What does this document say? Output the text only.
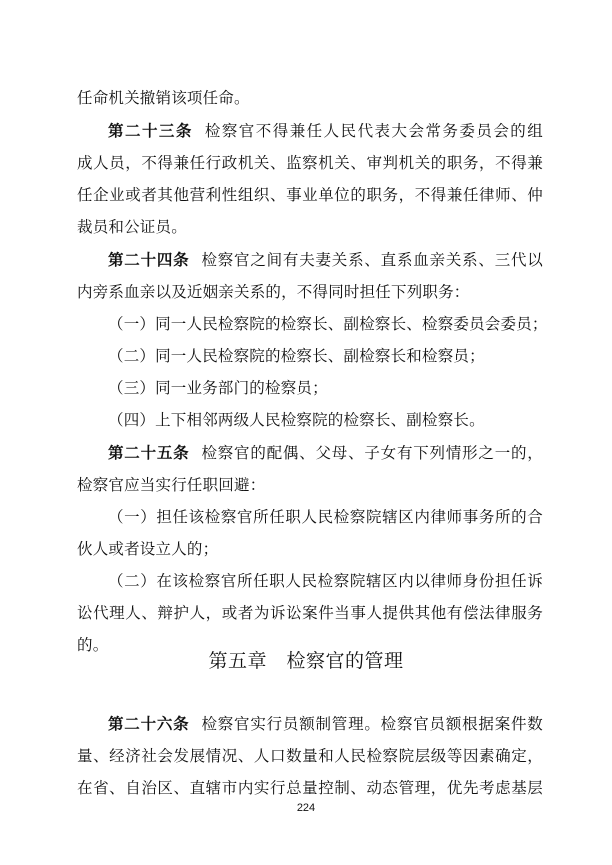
任命机关撤销该项任命。
第二十三条 检察官不得兼任人民代表大会常务委员会的组
成人员，不得兼任行政机关、监察机关、审判机关的职务，不得兼
任企业或者其他营利性组织、事业单位的职务，不得兼任律师、仲
裁员和公证员。
第二十四条 检察官之间有夫妻关系、直系血亲关系、三代以
内旁系血亲以及近姻亲关系的，不得同时担任下列职务：
（一）同一人民检察院的检察长、副检察长、检察委员会委员；
（二）同一人民检察院的检察长、副检察长和检察员；
（三）同一业务部门的检察员；
（四）上下相邻两级人民检察院的检察长、副检察长。
第二十五条 检察官的配偶、父母、子女有下列情形之一的，
检察官应当实行任职回避：
（一）担任该检察官所任职人民检察院辖区内律师事务所的合
伙人或者设立人的；
（二）在该检察官所任职人民检察院辖区内以律师身份担任诉
讼代理人、辩护人，或者为诉讼案件当事人提供其他有偿法律服务
的。
第五章　检察官的管理
第二十六条 检察官实行员额制管理。检察官员额根据案件数
量、经济社会发展情况、人口数量和人民检察院层级等因素确定，
在省、自治区、直辖市内实行总量控制、动态管理，优先考虑基层
224
